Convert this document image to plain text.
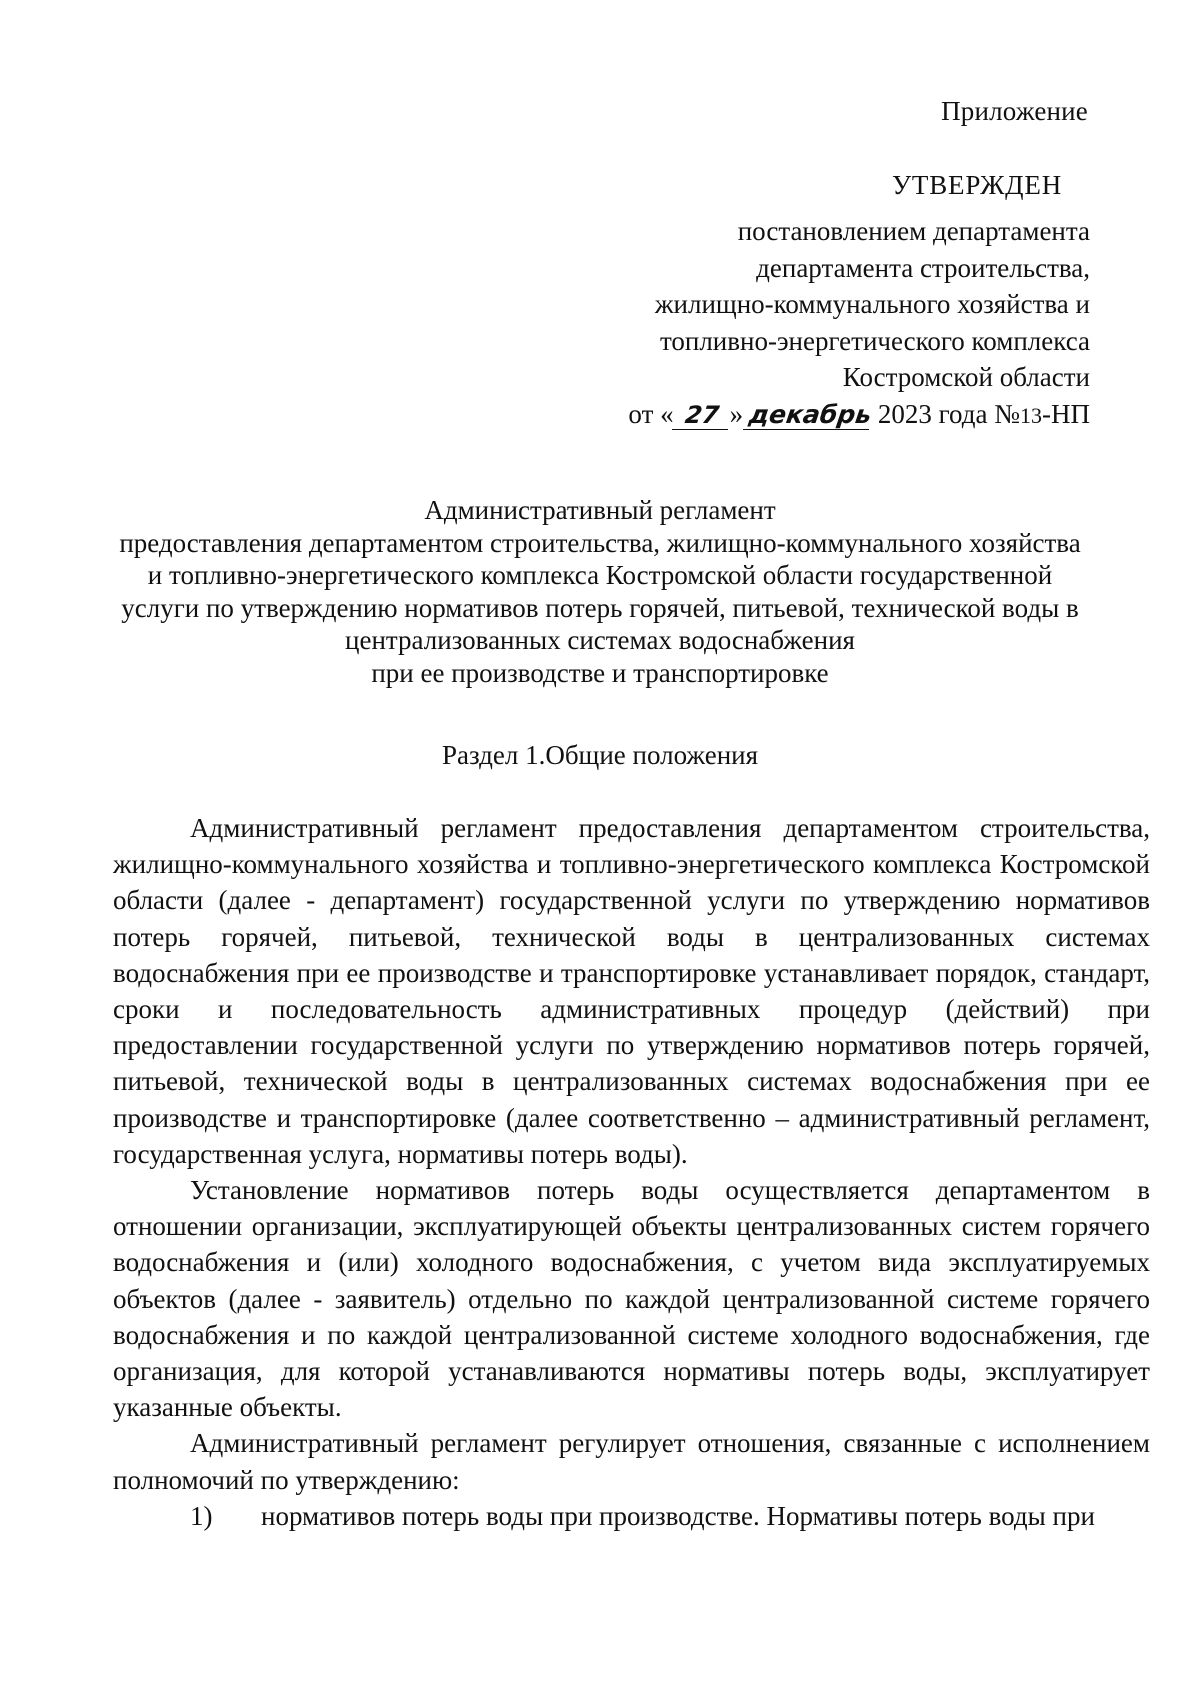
Приложение
УТВЕРЖДЕН
постановлением департамента
департамента строительства,
жилищно-коммунального хозяйства и
топливно-энергетического комплекса
Костромской области
от « 27 » декабрь 2023 года №13-НП
Административный регламент
предоставления департаментом строительства, жилищно-коммунального хозяйства
и топливно-энергетического комплекса Костромской области государственной
услуги по утверждению нормативов потерь горячей, питьевой, технической воды в
централизованных системах водоснабжения
при ее производстве и транспортировке
Раздел 1.Общие положения

Административный регламент предоставления департаментом строительства, жилищно-коммунального хозяйства и топливно-энергетического комплекса Костромской области (далее - департамент) государственной услуги по утверждению нормативов потерь горячей, питьевой, технической воды в централизованных системах водоснабжения при ее производстве и транспортировке устанавливает порядок, стандарт, сроки и последовательность административных процедур (действий) при предоставлении государственной услуги по утверждению нормативов потерь горячей, питьевой, технической воды в централизованных системах водоснабжения при ее производстве и транспортировке (далее соответственно – административный регламент, государственная услуга, нормативы потерь воды).

Установление нормативов потерь воды осуществляется департаментом в отношении организации, эксплуатирующей объекты централизованных систем горячего водоснабжения и (или) холодного водоснабжения, с учетом вида эксплуатируемых объектов (далее - заявитель) отдельно по каждой централизованной системе горячего водоснабжения и по каждой централизованной системе холодного водоснабжения, где организация, для которой устанавливаются нормативы потерь воды, эксплуатирует указанные объекты.

Административный регламент регулирует отношения, связанные с исполнением полномочий по утверждению:

1)	нормативов потерь воды при производстве. Нормативы потерь воды при
